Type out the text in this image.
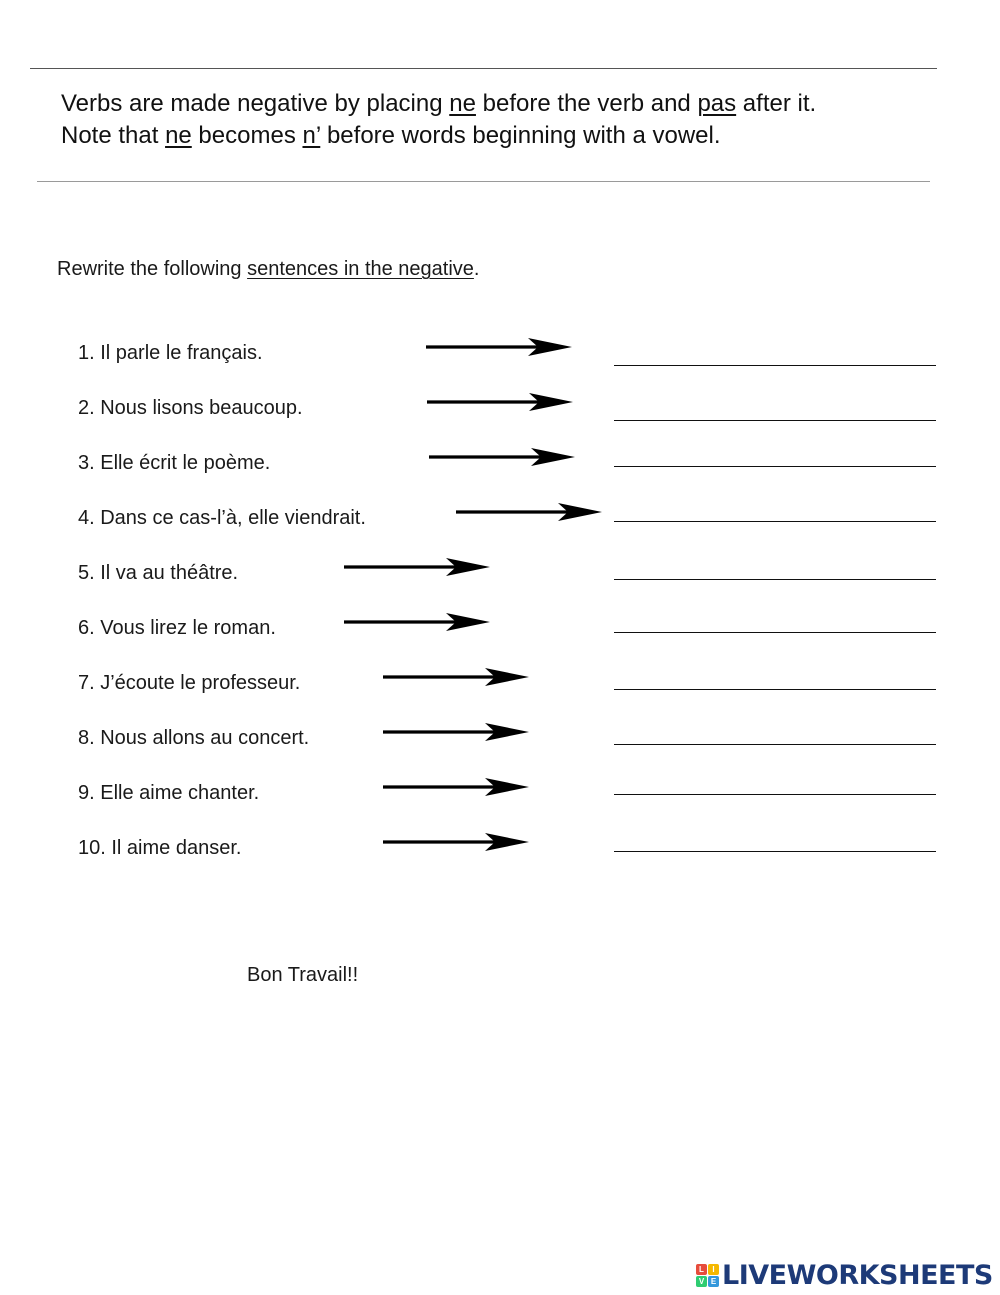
Verbs are made negative by placing ne before the verb and pas after it.
Note that ne becomes n’ before words beginning with a vowel.
Rewrite the following sentences in the negative.
1. Il parle le français.
2. Nous lisons beaucoup.
3. Elle écrit le poème.
4. Dans ce cas-l’à, elle viendrait.
5. Il va au théâtre.
6. Vous lirez le roman.
7. J’écoute le professeur.
8. Nous allons au concert.
9. Elle aime chanter.
10. Il aime danser.
Bon Travail!!
L	I
V E LIVEWORKSHEETS
